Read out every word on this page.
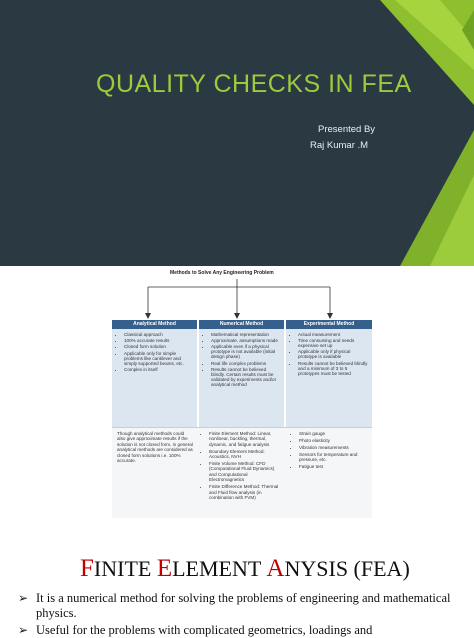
QUALITY CHECKS IN FEA
Presented By
Raj Kumar .M
Methods to Solve Any Engineering Problem
Analytical Method
• Classical approach
• 100% accurate results
• Closed form solution
• Applicable only for simple problems like cantilever and simply supported beams, etc.
• Complex in itself
Numerical Method
• Mathematical representation
• Approximate, assumptions made
• Applicable even if a physical prototype is not available (initial design phase)
• Real life complex problems
• Results cannot be believed blindly. Certain results must be validated by experiments and/or analytical method
Experimental Method
• Actual measurement
• Time consuming and needs expensive set up
• Applicable only if physical prototype is available
• Results cannot be believed blindly and a minimum of 3 to 5 prototypes must be tested
Though analytical methods could also give approximate results if the solution is not closed form, in general analytical methods are considered as closed form solutions i.e. 100% accurate.
• Finite Element Method: Linear, nonlinear, buckling, thermal, dynamic, and fatigue analysis
• Boundary Element Method: Acoustics, NVH
• Finite Volume Method: CFD (Computational Fluid Dynamics) and Computational Electromagnetics
• Finite Difference Method: Thermal and Fluid flow analysis (in combination with FVM)
• Strain gauge
• Photo elasticity
• Vibration measurements
• Sensors for temperature and pressure, etc.
• Fatigue test
FINITE ELEMENT ANYSIS (FEA)
➢ It is a numerical method for solving the problems of engineering and mathematical physics.
➢ Useful for the problems with complicated geometrics, loadings and
